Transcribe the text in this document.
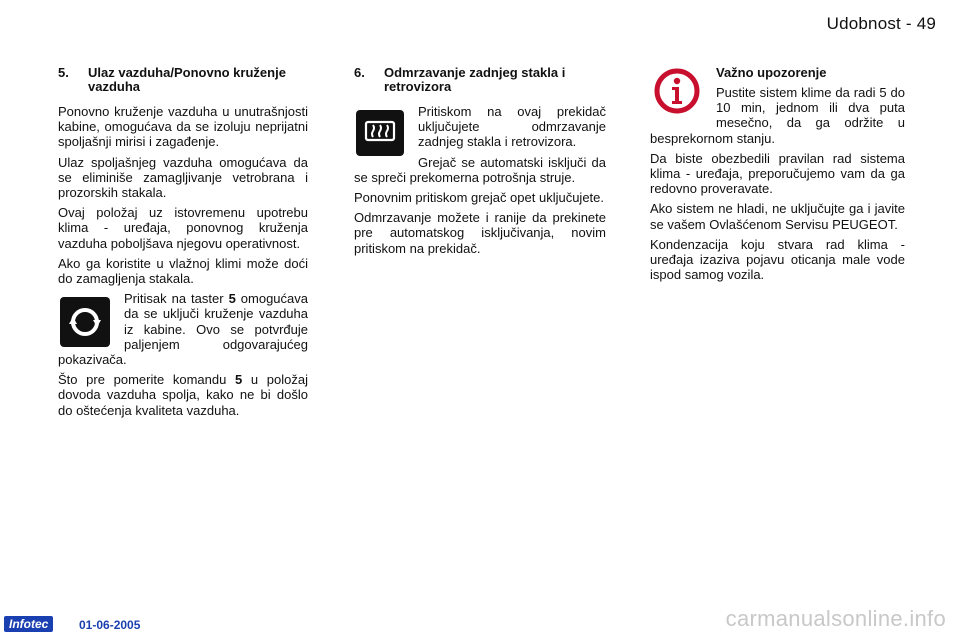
Udobnost - 49
5.	Ulaz vazduha/Ponovno kruženje vazduha

Ponovno kruženje vazduha u unutrašnjosti kabine, omogućava da se izoluju neprijatni spoljašnji mirisi i zagađenje.

Ulaz spoljašnjeg vazduha omogućava da se eliminiše zamagljivanje vetrobrana i prozorskih stakala.

Ovaj položaj uz istovremenu upotrebu klima - uređaja, ponovnog kruženja vazduha poboljšava njegovu operativnost.

Ako ga koristite u vlažnoj klimi može doći do zamagljenja stakala.

Pritisak na taster 5 omogućava da se uključi kruženje vazduha iz kabine. Ovo se potvrđuje paljenjem odgovarajućeg pokazivača.

Što pre pomerite komandu 5 u položaj dovoda vazduha spolja, kako ne bi došlo do oštećenja kvaliteta vazduha.

6.	Odmrzavanje zadnjeg stakla i retrovizora

Pritiskom na ovaj prekidač uključujete odmrzavanje zadnjeg stakla i retrovizora.

Grejač se automatski isključi da se spreči prekomerna potrošnja struje.

Ponovnim pritiskom grejač opet uključujete.

Odmrzavanje možete i ranije da prekinete pre automatskog isključivanja, novim pritiskom na prekidač.

Važno upozorenje

Pustite sistem klime da radi 5 do 10 min, jednom ili dva puta mesečno, da ga održite u besprekornom stanju.

Da biste obezbedili pravilan rad sistema klima - uređaja, preporučujemo vam da ga redovno proveravate.

Ako sistem ne hladi, ne uključujte ga i javite se vašem Ovlašćenom Servisu PEUGEOT.

Kondenzacija koju stvara rad klima - uređaja izaziva pojavu oticanja male vode ispod samog vozila.

Infotec	01-06-2005	carmanualsonline.info
